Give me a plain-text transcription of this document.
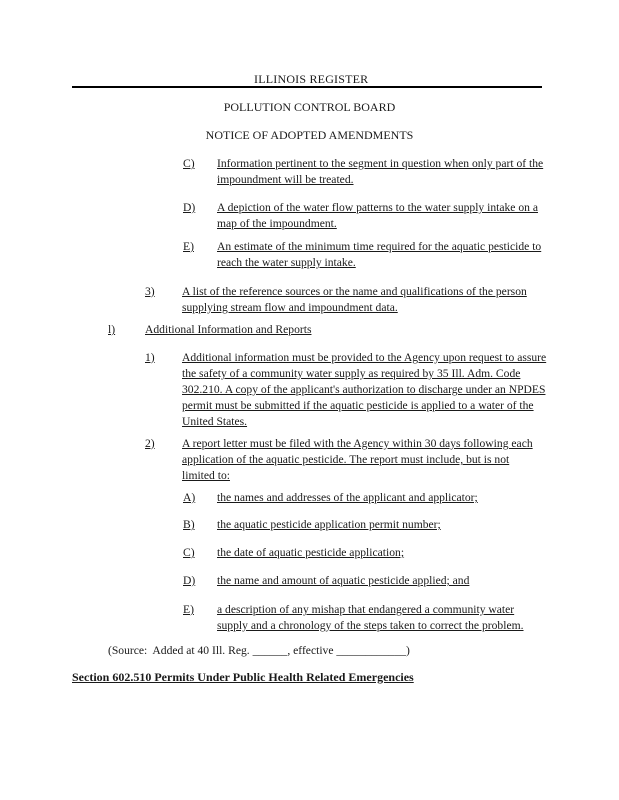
ILLINOIS REGISTER
POLLUTION CONTROL BOARD
NOTICE OF ADOPTED AMENDMENTS
C) Information pertinent to the segment in question when only part of the impoundment will be treated.
D) A depiction of the water flow patterns to the water supply intake on a map of the impoundment.
E) An estimate of the minimum time required for the aquatic pesticide to reach the water supply intake.
3) A list of the reference sources or the name and qualifications of the person supplying stream flow and impoundment data.
l)	Additional Information and Reports
1) Additional information must be provided to the Agency upon request to assure the safety of a community water supply as required by 35 Ill. Adm. Code 302.210. A copy of the applicant's authorization to discharge under an NPDES permit must be submitted if the aquatic pesticide is applied to a water of the United States.
2) A report letter must be filed with the Agency within 30 days following each application of the aquatic pesticide. The report must include, but is not limited to:
A) the names and addresses of the applicant and applicator;
B) the aquatic pesticide application permit number;
C) the date of aquatic pesticide application;
D) the name and amount of aquatic pesticide applied; and
E) a description of any mishap that endangered a community water supply and a chronology of the steps taken to correct the problem.
(Source:  Added at 40 Ill. Reg. ______, effective ____________)
Section 602.510 Permits Under Public Health Related Emergencies
